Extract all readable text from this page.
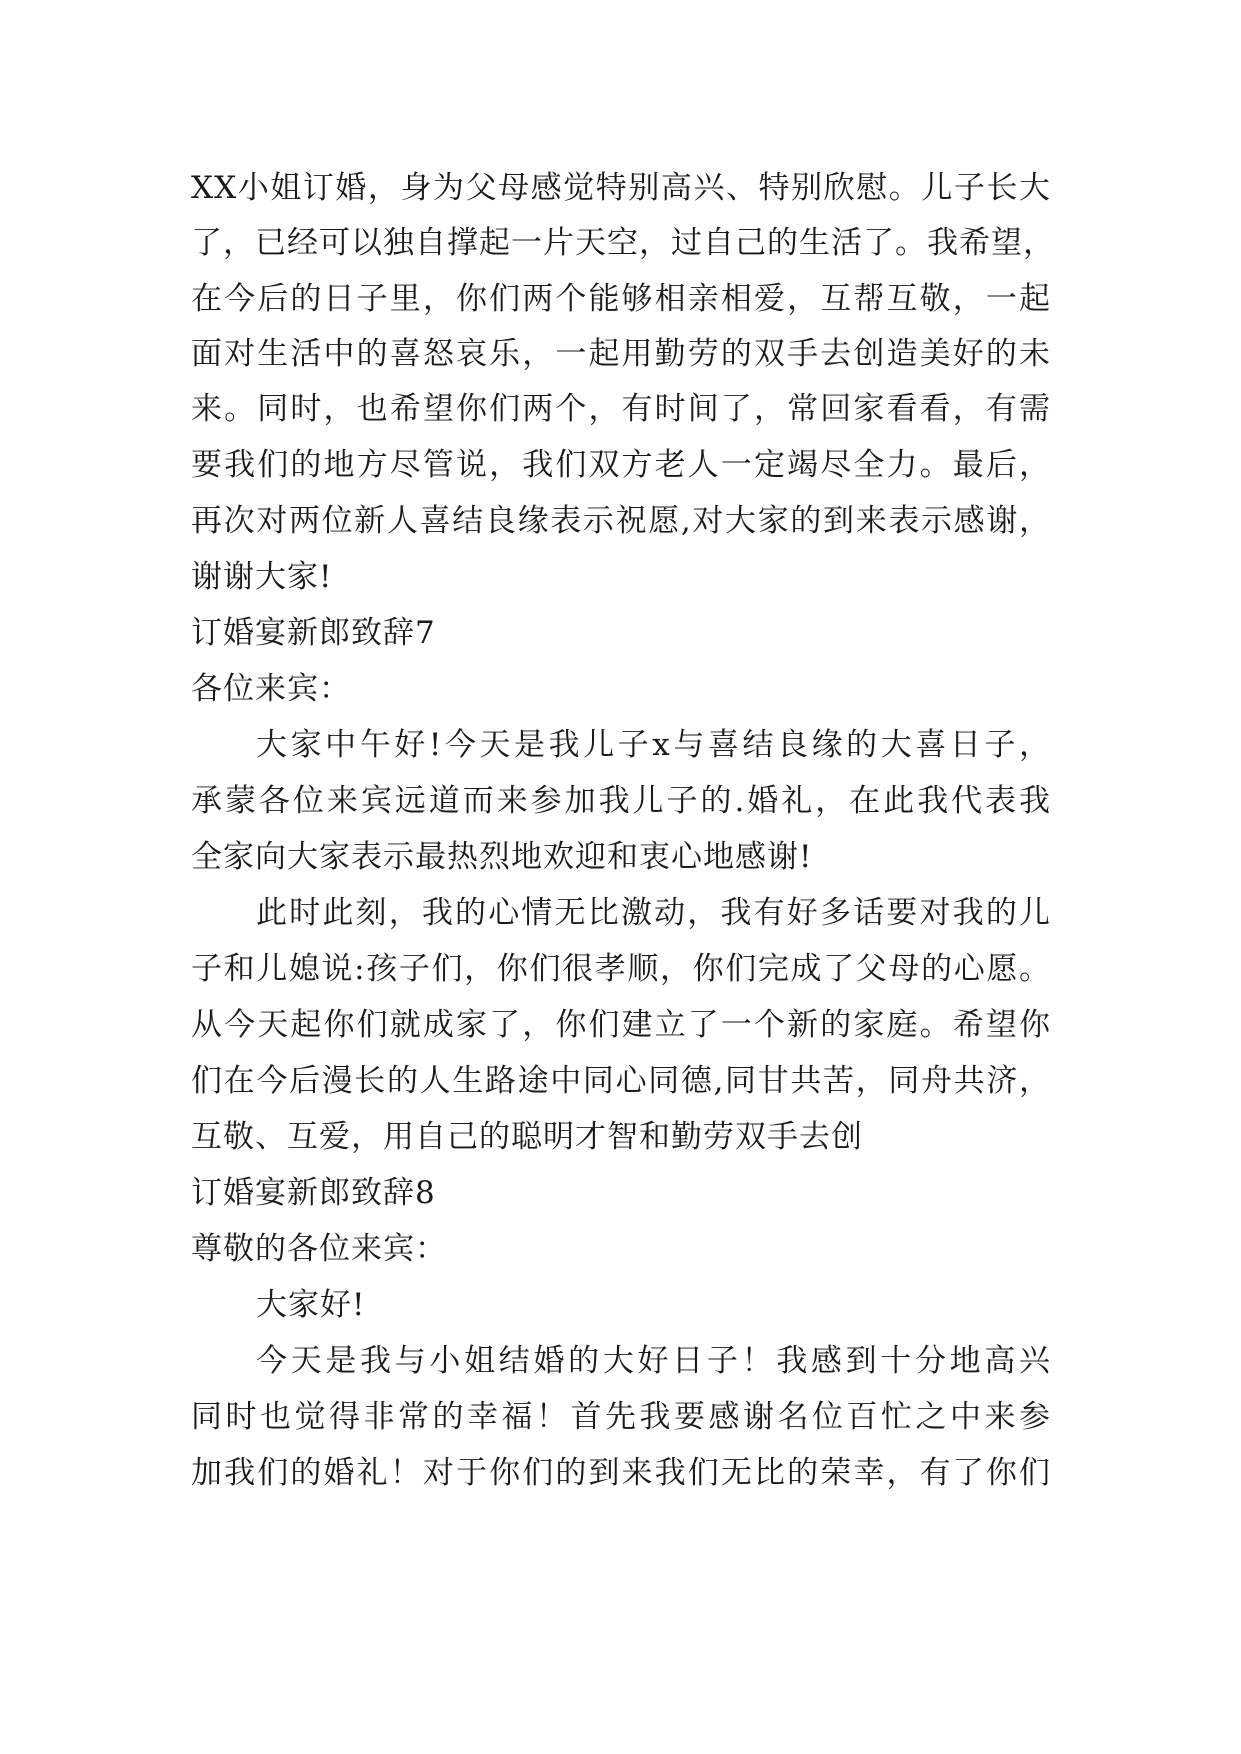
XX小姐订婚，身为父母感觉特别高兴、特别欣慰。儿子长大
了，已经可以独自撑起一片天空，过自己的生活了。我希望，
在今后的日子里，你们两个能够相亲相爱，互帮互敬，一起
面对生活中的喜怒哀乐，一起用勤劳的双手去创造美好的未
来。同时，也希望你们两个，有时间了，常回家看看，有需
要我们的地方尽管说，我们双方老人一定竭尽全力。最后，
再次对两位新人喜结良缘表示祝愿,对大家的到来表示感谢，
谢谢大家!
订婚宴新郎致辞7
各位来宾：
大家中午好!今天是我儿子x与喜结良缘的大喜日子，
承蒙各位来宾远道而来参加我儿子的.婚礼，在此我代表我
全家向大家表示最热烈地欢迎和衷心地感谢!
此时此刻，我的心情无比激动，我有好多话要对我的儿
子和儿媳说:孩子们，你们很孝顺，你们完成了父母的心愿。
从今天起你们就成家了，你们建立了一个新的家庭。希望你
们在今后漫长的人生路途中同心同德,同甘共苦，同舟共济，
互敬、互爱，用自己的聪明才智和勤劳双手去创
订婚宴新郎致辞8
尊敬的各位来宾：
大家好!
今天是我与小姐结婚的大好日子！我感到十分地高兴
同时也觉得非常的幸福！首先我要感谢名位百忙之中来参
加我们的婚礼！对于你们的到来我们无比的荣幸，有了你们
